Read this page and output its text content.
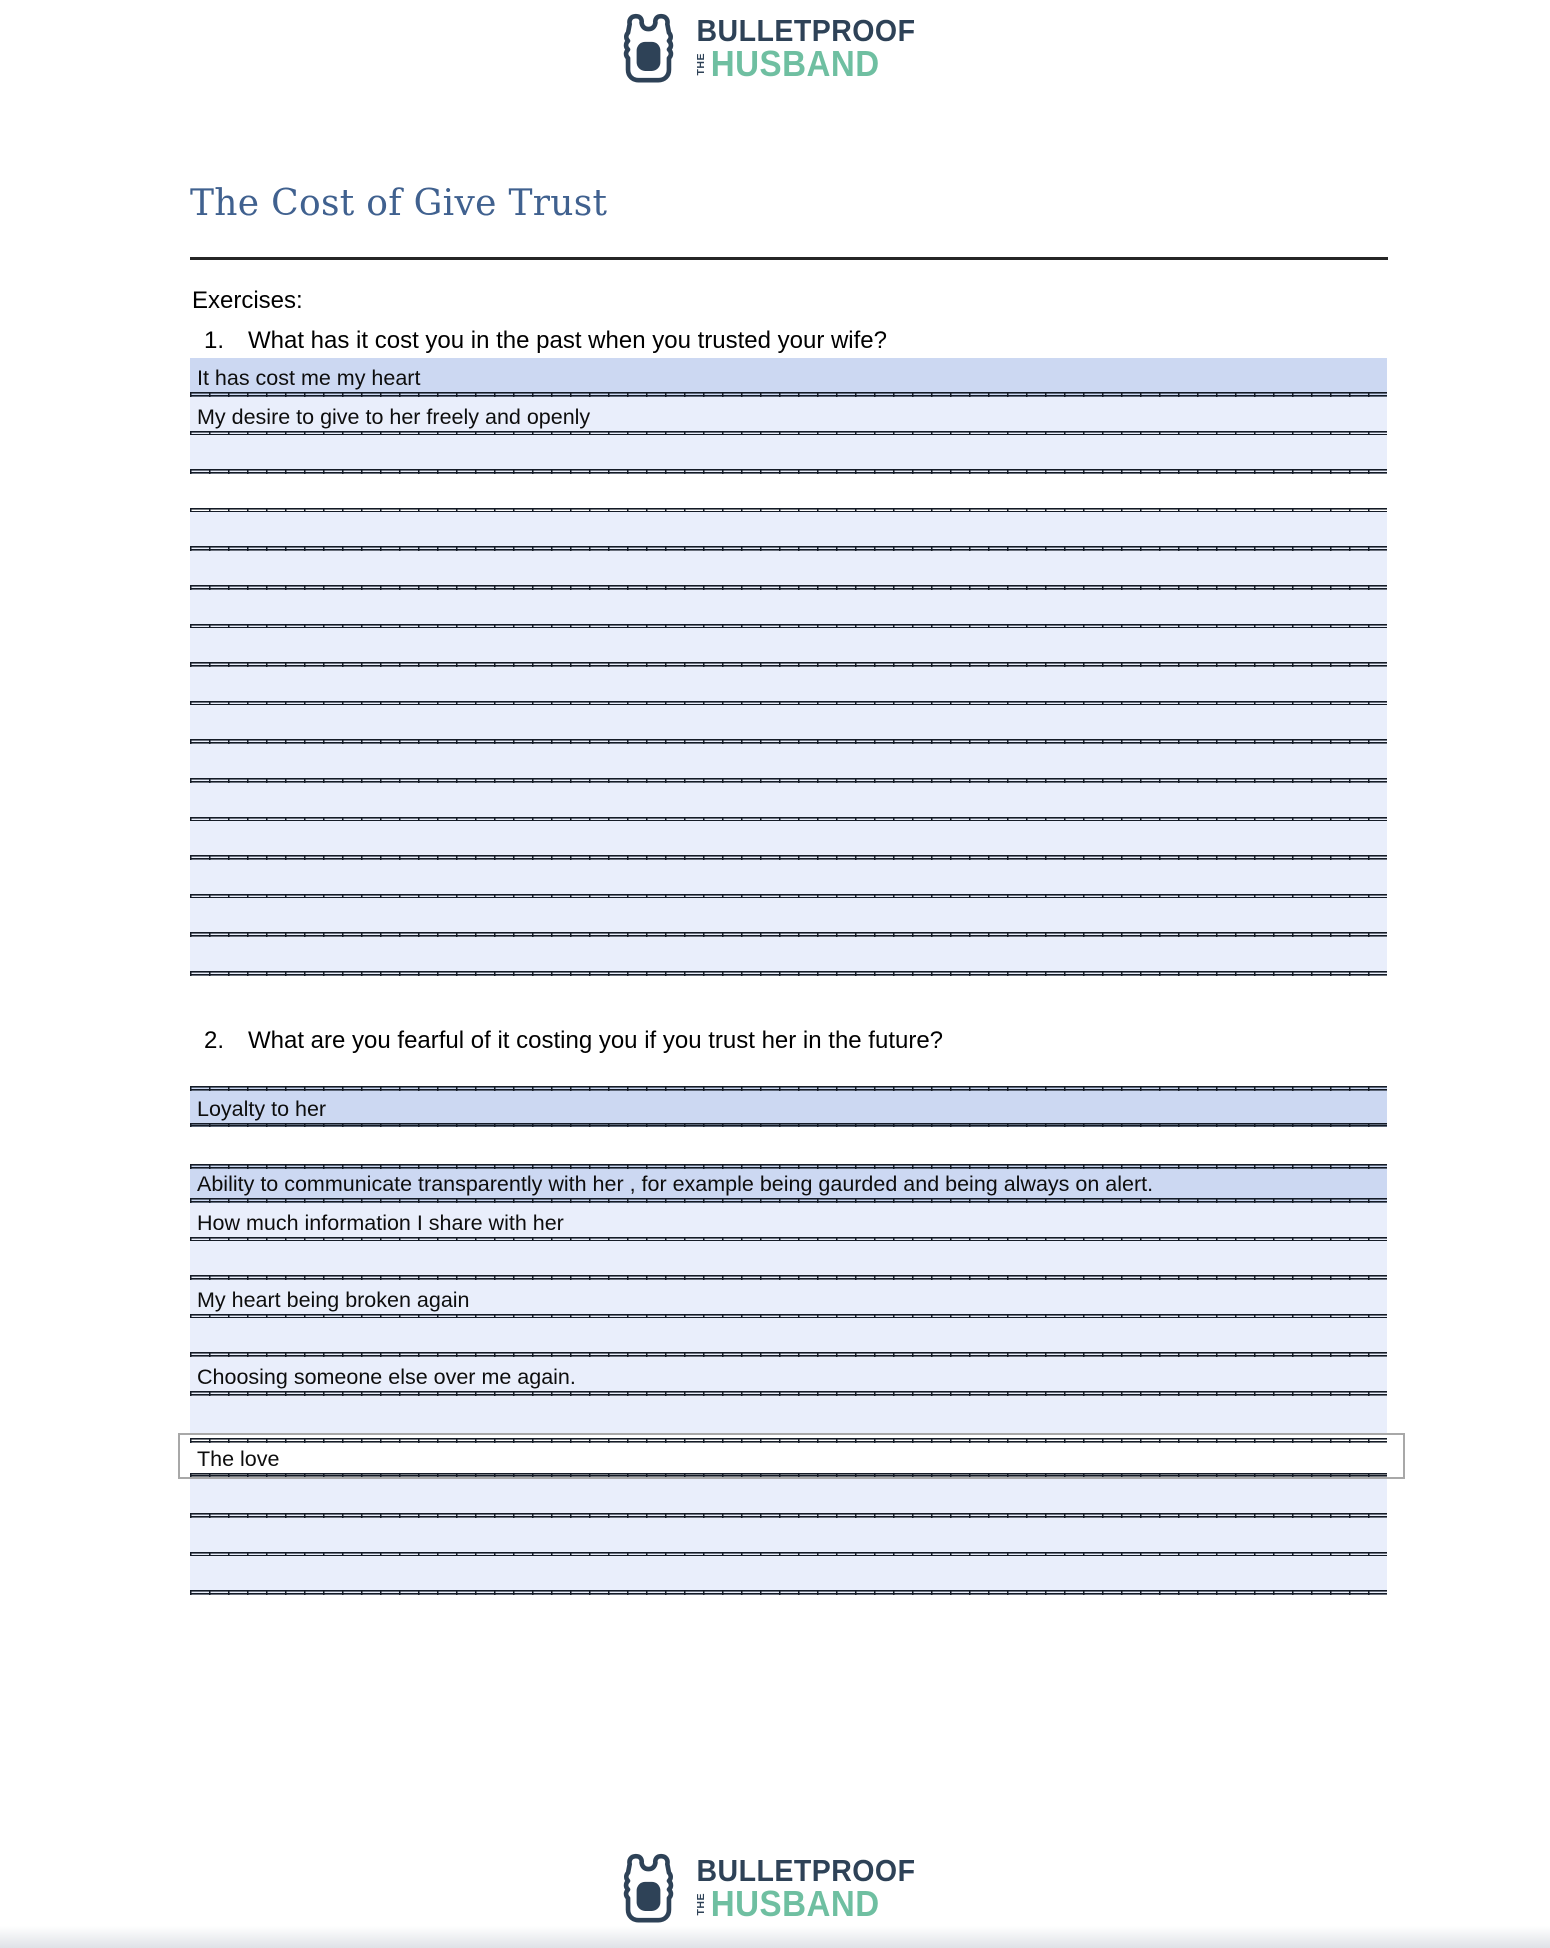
BULLETPROOF
THE HUSBAND
The Cost of Give Trust
Exercises:
1. What has it cost you in the past when you trusted your wife?
It has cost me my heart
My desire to give to her freely and openly
2. What are you fearful of it costing you if you trust her in the future?
Loyalty to her
Ability to communicate transparently with her , for example being gaurded and being always on alert.
How much information I share with her
My heart being broken again
Choosing someone else over me again.
The love
BULLETPROOF
THE HUSBAND
